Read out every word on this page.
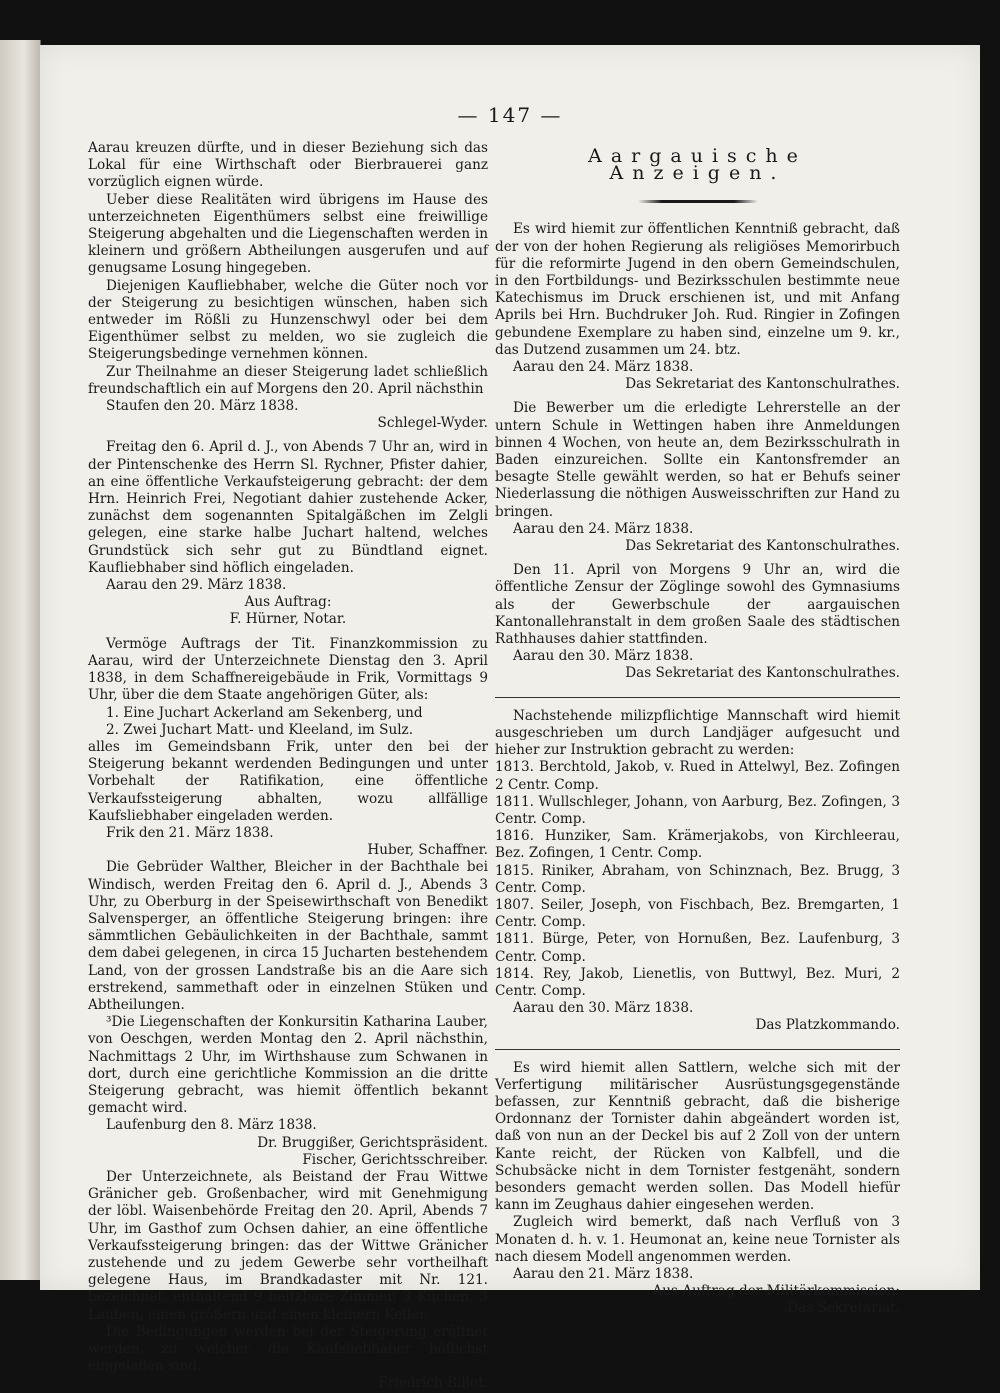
— 147 —

Aarau kreuzen dürfte, und in dieser Beziehung sich das Lokal für eine Wirthschaft oder Bierbrauerei ganz vorzüglich eignen würde.

Ueber diese Realitäten wird übrigens im Hause des unterzeichneten Eigenthümers selbst eine freiwillige Steigerung abgehalten und die Liegenschaften werden in kleinern und größern Abtheilungen ausgerufen und auf genugsame Losung hingegeben.

Diejenigen Kaufliebhaber, welche die Güter noch vor der Steigerung zu besichtigen wünschen, haben sich entweder im Rößli zu Hunzenschwyl oder bei dem Eigenthümer selbst zu melden, wo sie zugleich die Steigerungsbedinge vernehmen können.

Zur Theilnahme an dieser Steigerung ladet schließlich freundschaftlich ein auf Morgens den 20. April nächsthin

Staufen den 20. März 1838.

Schlegel-Wyder.

Freitag den 6. April d. J., von Abends 7 Uhr an, wird in der Pintenschenke des Herrn Sl. Rychner, Pfister dahier, an eine öffentliche Verkaufsteigerung gebracht: der dem Hrn. Heinrich Frei, Negotiant dahier zustehende Acker, zunächst dem sogenannten Spitalgäßchen im Zelgli gelegen, eine starke halbe Juchart haltend, welches Grundstück sich sehr gut zu Bündtland eignet. Kaufliebhaber sind höflich eingeladen.

Aarau den 29. März 1838.

Aus Auftrag:

F. Hürner, Notar.

Vermöge Auftrags der Tit. Finanzkommission zu Aarau, wird der Unterzeichnete Dienstag den 3. April 1838, in dem Schaffnereigebäude in Frik, Vormittags 9 Uhr, über die dem Staate angehörigen Güter, als:

1. Eine Juchart Ackerland am Sekenberg, und

2. Zwei Juchart Matt- und Kleeland, im Sulz.

alles im Gemeindsbann Frik, unter den bei der Steigerung bekannt werdenden Bedingungen und unter Vorbehalt der Ratifikation, eine öffentliche Verkaufssteigerung abhalten, wozu allfällige Kaufsliebhaber eingeladen werden.

Frik den 21. März 1838.

Huber, Schaffner.

Die Gebrüder Walther, Bleicher in der Bachthale bei Windisch, werden Freitag den 6. April d. J., Abends 3 Uhr, zu Oberburg in der Speisewirthschaft von Benedikt Salvensperger, an öffentliche Steigerung bringen: ihre sämmtlichen Gebäulichkeiten in der Bachthale, sammt dem dabei gelegenen, in circa 15 Jucharten bestehendem Land, von der grossen Landstraße bis an die Aare sich erstrekend, sammethaft oder in einzelnen Stüken und Abtheilungen.

³Die Liegenschaften der Konkursitin Katharina Lauber, von Oeschgen, werden Montag den 2. April nächsthin, Nachmittags 2 Uhr, im Wirthshause zum Schwanen in dort, durch eine gerichtliche Kommission an die dritte Steigerung gebracht, was hiemit öffentlich bekannt gemacht wird.

Laufenburg den 8. März 1838.

Dr. Bruggißer, Gerichtspräsident.

Fischer, Gerichtsschreiber.

Der Unterzeichnete, als Beistand der Frau Wittwe Gränicher geb. Großenbacher, wird mit Genehmigung der löbl. Waisenbehörde Freitag den 20. April, Abends 7 Uhr, im Gasthof zum Ochsen dahier, an eine öffentliche Verkaufssteigerung bringen: das der Wittwe Gränicher zustehende und zu jedem Gewerbe sehr vortheilhaft gelegene Haus, im Brandkadaster mit Nr. 121. bezeichnet, enthaltend 9 heitzbare Zimmer, 3 Küchen, 3 Lauben, einen größern und einen kleinern Keller.

Die Bedingungen werden bei der Steigerung eröffnet werden, zu welcher die Kaufsliebhaber höflichst eingeladen sind.

Friedrich Billot.

Aargauische Anzeigen.

Es wird hiemit zur öffentlichen Kenntniß gebracht, daß der von der hohen Regierung als religiöses Memorirbuch für die reformirte Jugend in den obern Gemeindschulen, in den Fortbildungs- und Bezirksschulen bestimmte neue Katechismus im Druck erschienen ist, und mit Anfang Aprils bei Hrn. Buchdruker Joh. Rud. Ringier in Zofingen gebundene Exemplare zu haben sind, einzelne um 9. kr., das Dutzend zusammen um 24. btz.

Aarau den 24. März 1838.

Das Sekretariat des Kantonschulrathes.

Die Bewerber um die erledigte Lehrerstelle an der untern Schule in Wettingen haben ihre Anmeldungen binnen 4 Wochen, von heute an, dem Bezirksschulrath in Baden einzureichen. Sollte ein Kantonsfremder an besagte Stelle gewählt werden, so hat er Behufs seiner Niederlassung die nöthigen Ausweisschriften zur Hand zu bringen.

Aarau den 24. März 1838.

Das Sekretariat des Kantonschulrathes.

Den 11. April von Morgens 9 Uhr an, wird die öffentliche Zensur der Zöglinge sowohl des Gymnasiums als der Gewerbschule der aargauischen Kantonallehranstalt in dem großen Saale des städtischen Rathhauses dahier stattfinden.

Aarau den 30. März 1838.

Das Sekretariat des Kantonschulrathes.

Nachstehende milizpflichtige Mannschaft wird hiemit ausgeschrieben um durch Landjäger aufgesucht und hieher zur Instruktion gebracht zu werden:

1813. Berchtold, Jakob, v. Rued in Attelwyl, Bez. Zofingen 2 Centr. Comp.

1811. Wullschleger, Johann, von Aarburg, Bez. Zofingen, 3 Centr. Comp.

1816. Hunziker, Sam. Krämerjakobs, von Kirchleerau, Bez. Zofingen, 1 Centr. Comp.

1815. Riniker, Abraham, von Schinznach, Bez. Brugg, 3 Centr. Comp.

1807. Seiler, Joseph, von Fischbach, Bez. Bremgarten, 1 Centr. Comp.

1811. Bürge, Peter, von Hornußen, Bez. Laufenburg, 3 Centr. Comp.

1814. Rey, Jakob, Lienetlis, von Buttwyl, Bez. Muri, 2 Centr. Comp.

Aarau den 30. März 1838.

Das Platzkommando.

Es wird hiemit allen Sattlern, welche sich mit der Verfertigung militärischer Ausrüstungsgegenstände befassen, zur Kenntniß gebracht, daß die bisherige Ordonnanz der Tornister dahin abgeändert worden ist, daß von nun an der Deckel bis auf 2 Zoll von der untern Kante reicht, der Rücken von Kalbfell, und die Schubsäcke nicht in dem Tornister festgenäht, sondern besonders gemacht werden sollen. Das Modell hiefür kann im Zeughaus dahier eingesehen werden.

Zugleich wird bemerkt, daß nach Verfluß von 3 Monaten d. h. v. 1. Heumonat an, keine neue Tornister als nach diesem Modell angenommen werden.

Aarau den 21. März 1838.

Aus Auftrag der Militärkommission:

Das Sekretariat.
